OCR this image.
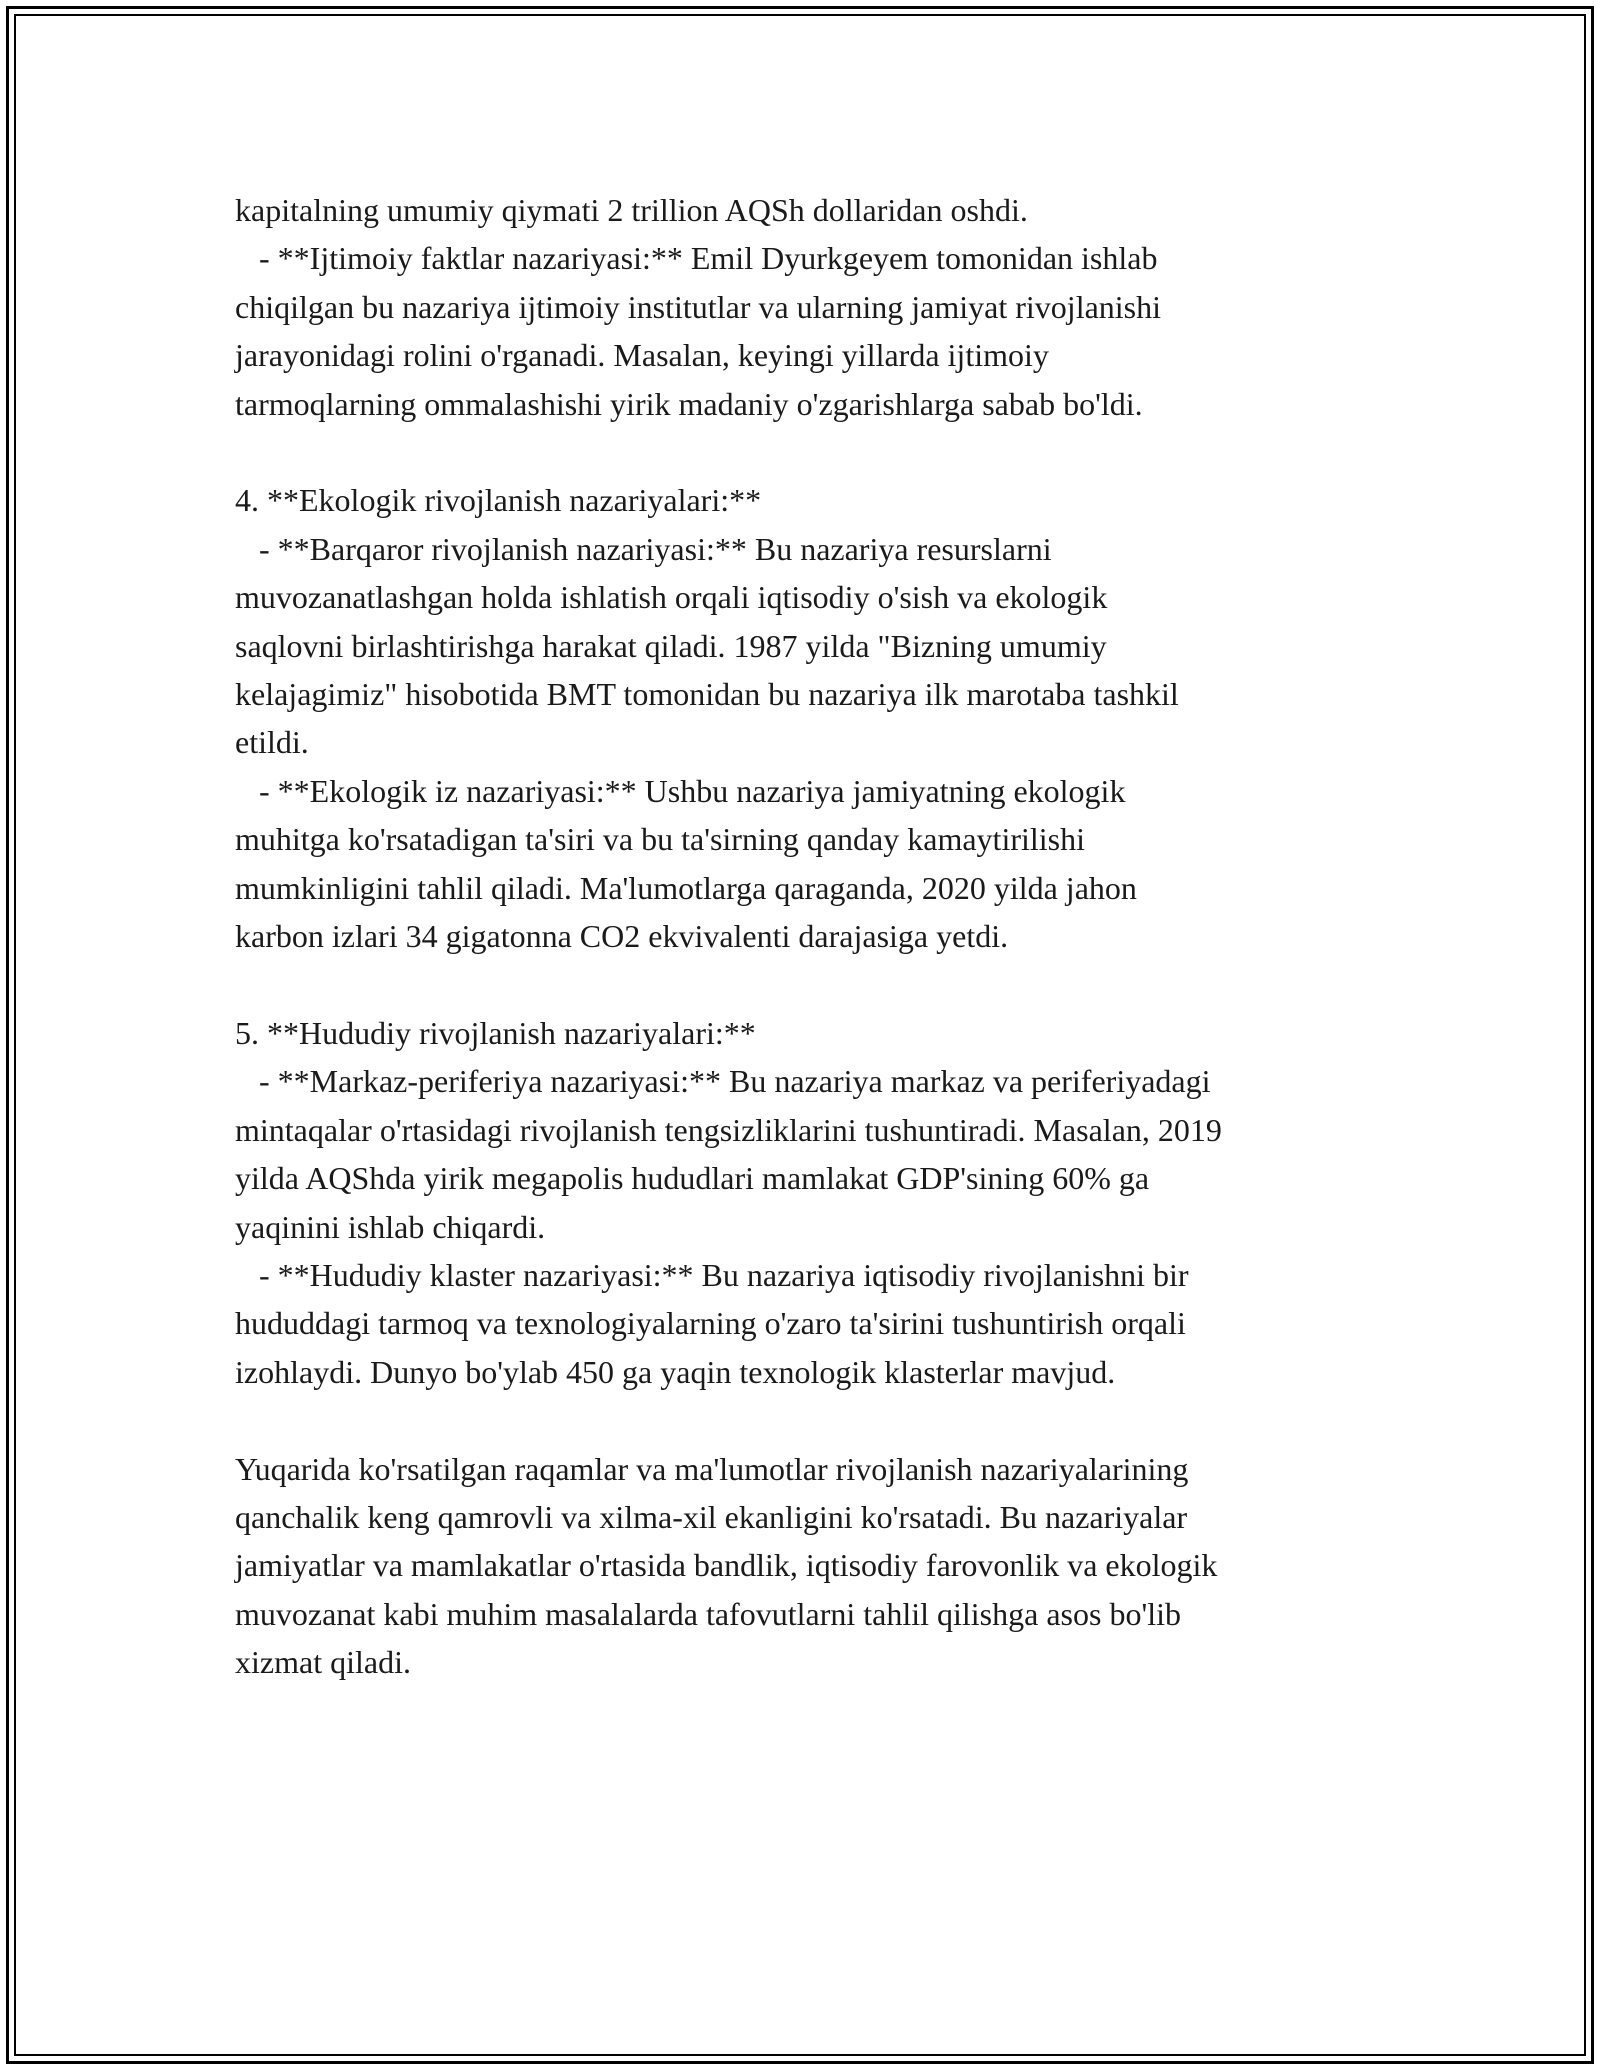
kapitalning umumiy qiymati 2 trillion AQSh dollaridan oshdi.
- **Ijtimoiy faktlar nazariyasi:** Emil Dyurkgeyem tomonidan ishlab
chiqilgan bu nazariya ijtimoiy institutlar va ularning jamiyat rivojlanishi
jarayonidagi rolini o'rganadi. Masalan, keyingi yillarda ijtimoiy
tarmoqlarning ommalashishi yirik madaniy o'zgarishlarga sabab bo'ldi.
4. **Ekologik rivojlanish nazariyalari:**
- **Barqaror rivojlanish nazariyasi:** Bu nazariya resurslarni
muvozanatlashgan holda ishlatish orqali iqtisodiy o'sish va ekologik
saqlovni birlashtirishga harakat qiladi. 1987 yilda "Bizning umumiy
kelajagimiz" hisobotida BMT tomonidan bu nazariya ilk marotaba tashkil
etildi.
- **Ekologik iz nazariyasi:** Ushbu nazariya jamiyatning ekologik
muhitga ko'rsatadigan ta'siri va bu ta'sirning qanday kamaytirilishi
mumkinligini tahlil qiladi. Ma'lumotlarga qaraganda, 2020 yilda jahon
karbon izlari 34 gigatonna CO2 ekvivalenti darajasiga yetdi.
5. **Hududiy rivojlanish nazariyalari:**
- **Markaz-periferiya nazariyasi:** Bu nazariya markaz va periferiyadagi
mintaqalar o'rtasidagi rivojlanish tengsizliklarini tushuntiradi. Masalan, 2019
yilda AQShda yirik megapolis hududlari mamlakat GDP'sining 60% ga
yaqinini ishlab chiqardi.
- **Hududiy klaster nazariyasi:** Bu nazariya iqtisodiy rivojlanishni bir
hududdagi tarmoq va texnologiyalarning o'zaro ta'sirini tushuntirish orqali
izohlaydi. Dunyo bo'ylab 450 ga yaqin texnologik klasterlar mavjud.
Yuqarida ko'rsatilgan raqamlar va ma'lumotlar rivojlanish nazariyalarining
qanchalik keng qamrovli va xilma-xil ekanligini ko'rsatadi. Bu nazariyalar
jamiyatlar va mamlakatlar o'rtasida bandlik, iqtisodiy farovonlik va ekologik
muvozanat kabi muhim masalalarda tafovutlarni tahlil qilishga asos bo'lib
xizmat qiladi.
